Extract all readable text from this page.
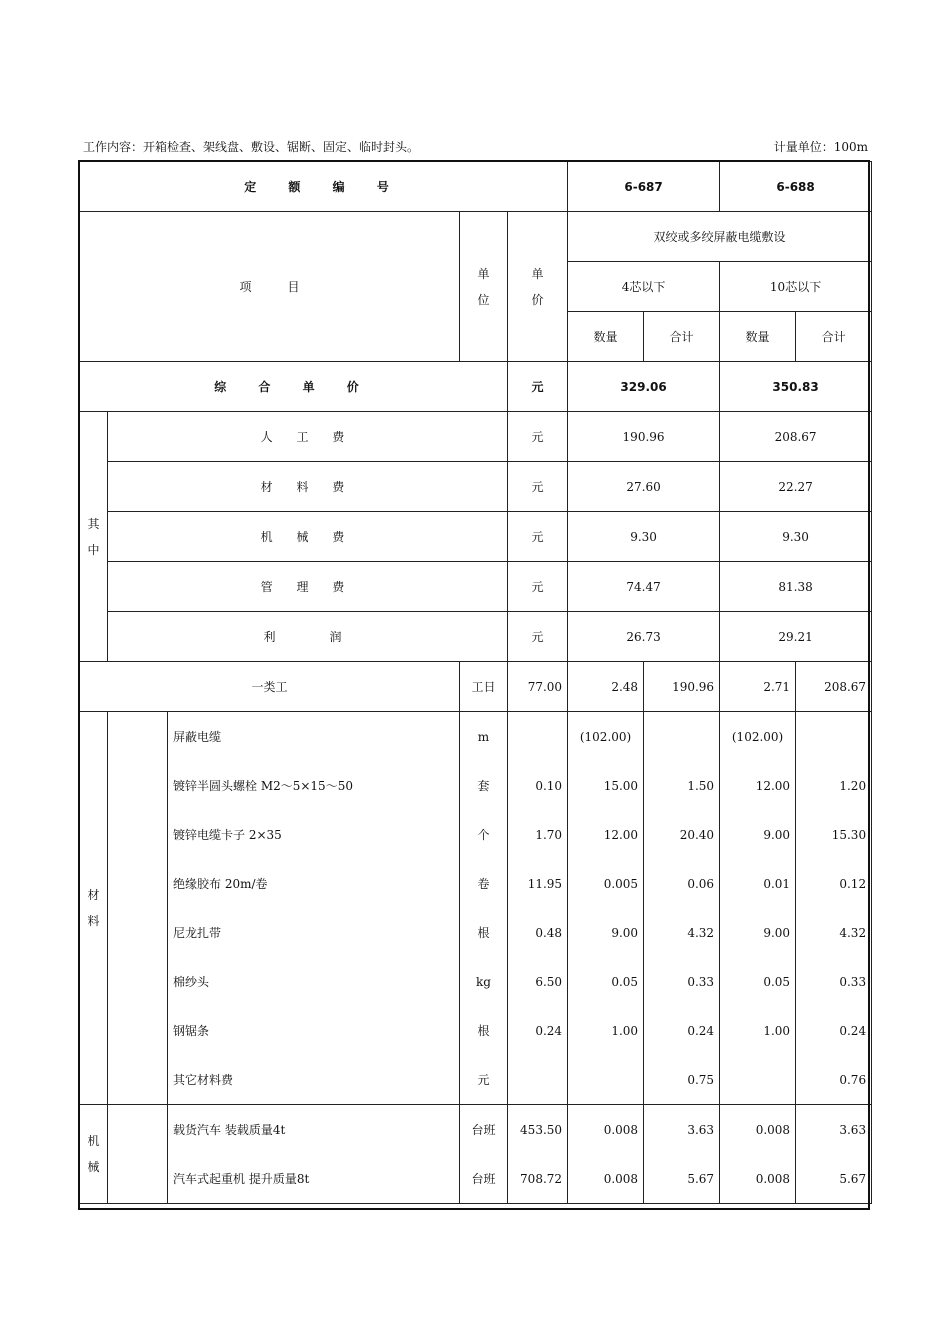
工作内容：开箱检查、架线盘、敷设、锯断、固定、临时封头。	计量单位：100m
定 额 编 号					6-687		6-688	
项　　　目			单位	单价	双绞或多绞屏蔽电缆敷设			
					4芯以下		10芯以下	
					数量	合计	数量	合计
综 合 单 价				元	329.06		350.83	
其中	人 工 费			元	190.96		208.67	
	材 料 费			元	27.60		22.27	
	机 械 费			元	9.30		9.30	
	管 理 费			元	74.47		81.38	
	利　　润			元	26.73		29.21	
一类工			工日	77.00	2.48	190.96	2.71	208.67
材料		屏蔽电缆	m		(102.00)		(102.00)	
		镀锌半圆头螺栓 M2～5×15～50	套	0.10	15.00	1.50	12.00	1.20
		镀锌电缆卡子 2×35	个	1.70	12.00	20.40	9.00	15.30
		绝缘胶布 20m/卷	卷	11.95	0.005	0.06	0.01	0.12
		尼龙扎带	根	0.48	9.00	4.32	9.00	4.32
		棉纱头	kg	6.50	0.05	0.33	0.05	0.33
		钢锯条	根	0.24	1.00	0.24	1.00	0.24
		其它材料费	元			0.75		0.76
机械		载货汽车 装载质量4t	台班	453.50	0.008	3.63	0.008	3.63
		汽车式起重机 提升质量8t	台班	708.72	0.008	5.67	0.008	5.67
